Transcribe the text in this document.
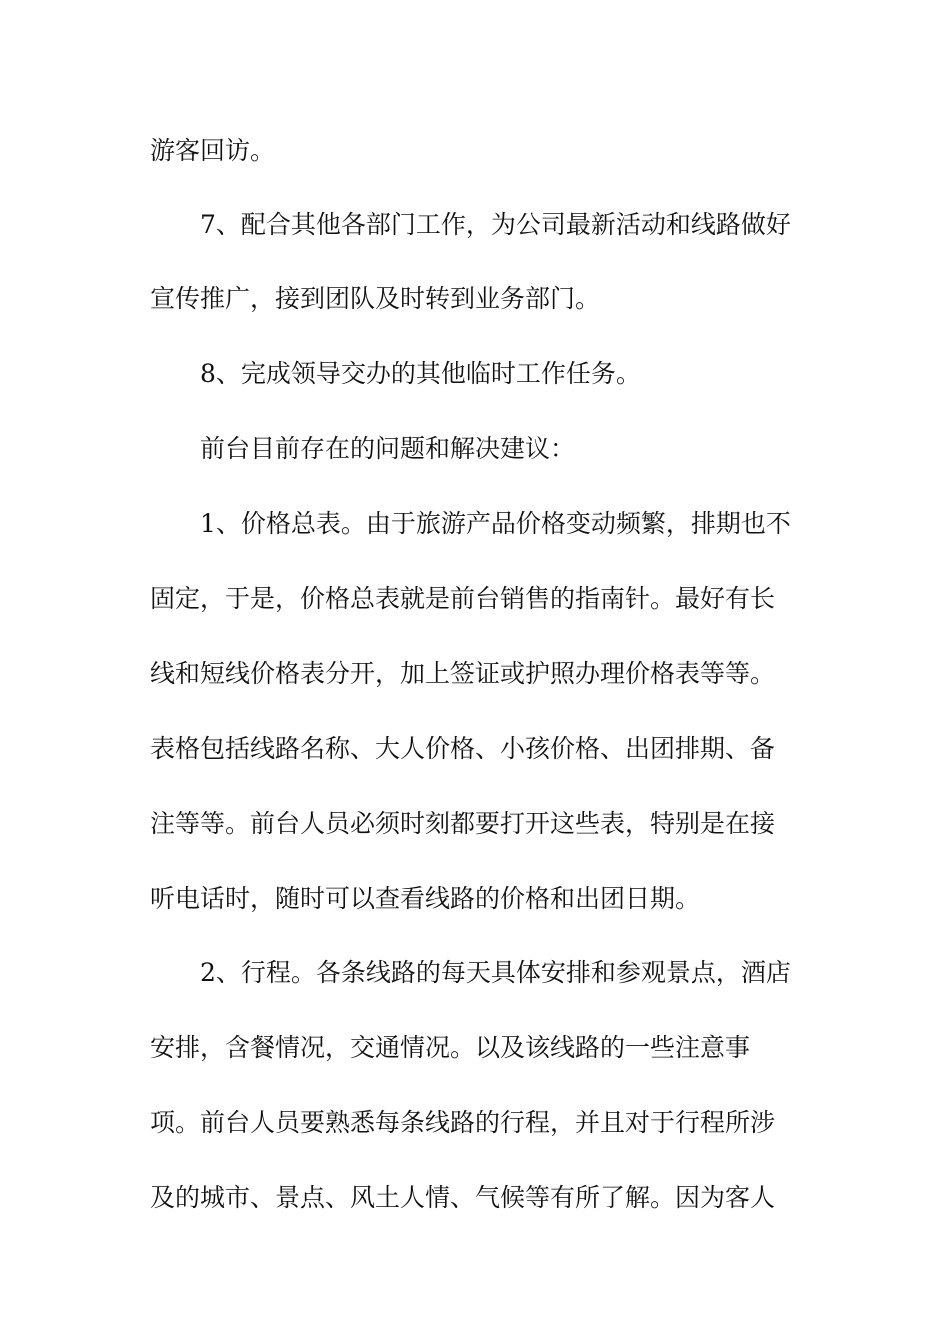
游客回访。
7、配合其他各部门工作，为公司最新活动和线路做好
宣传推广，接到团队及时转到业务部门。
8、完成领导交办的其他临时工作任务。
前台目前存在的问题和解决建议：
1、价格总表。由于旅游产品价格变动频繁，排期也不
固定，于是，价格总表就是前台销售的指南针。最好有长
线和短线价格表分开，加上签证或护照办理价格表等等。
表格包括线路名称、大人价格、小孩价格、出团排期、备
注等等。前台人员必须时刻都要打开这些表，特别是在接
听电话时，随时可以查看线路的价格和出团日期。
2、行程。各条线路的每天具体安排和参观景点，酒店
安排，含餐情况，交通情况。以及该线路的一些注意事
项。前台人员要熟悉每条线路的行程，并且对于行程所涉
及的城市、景点、风土人情、气候等有所了解。因为客人
